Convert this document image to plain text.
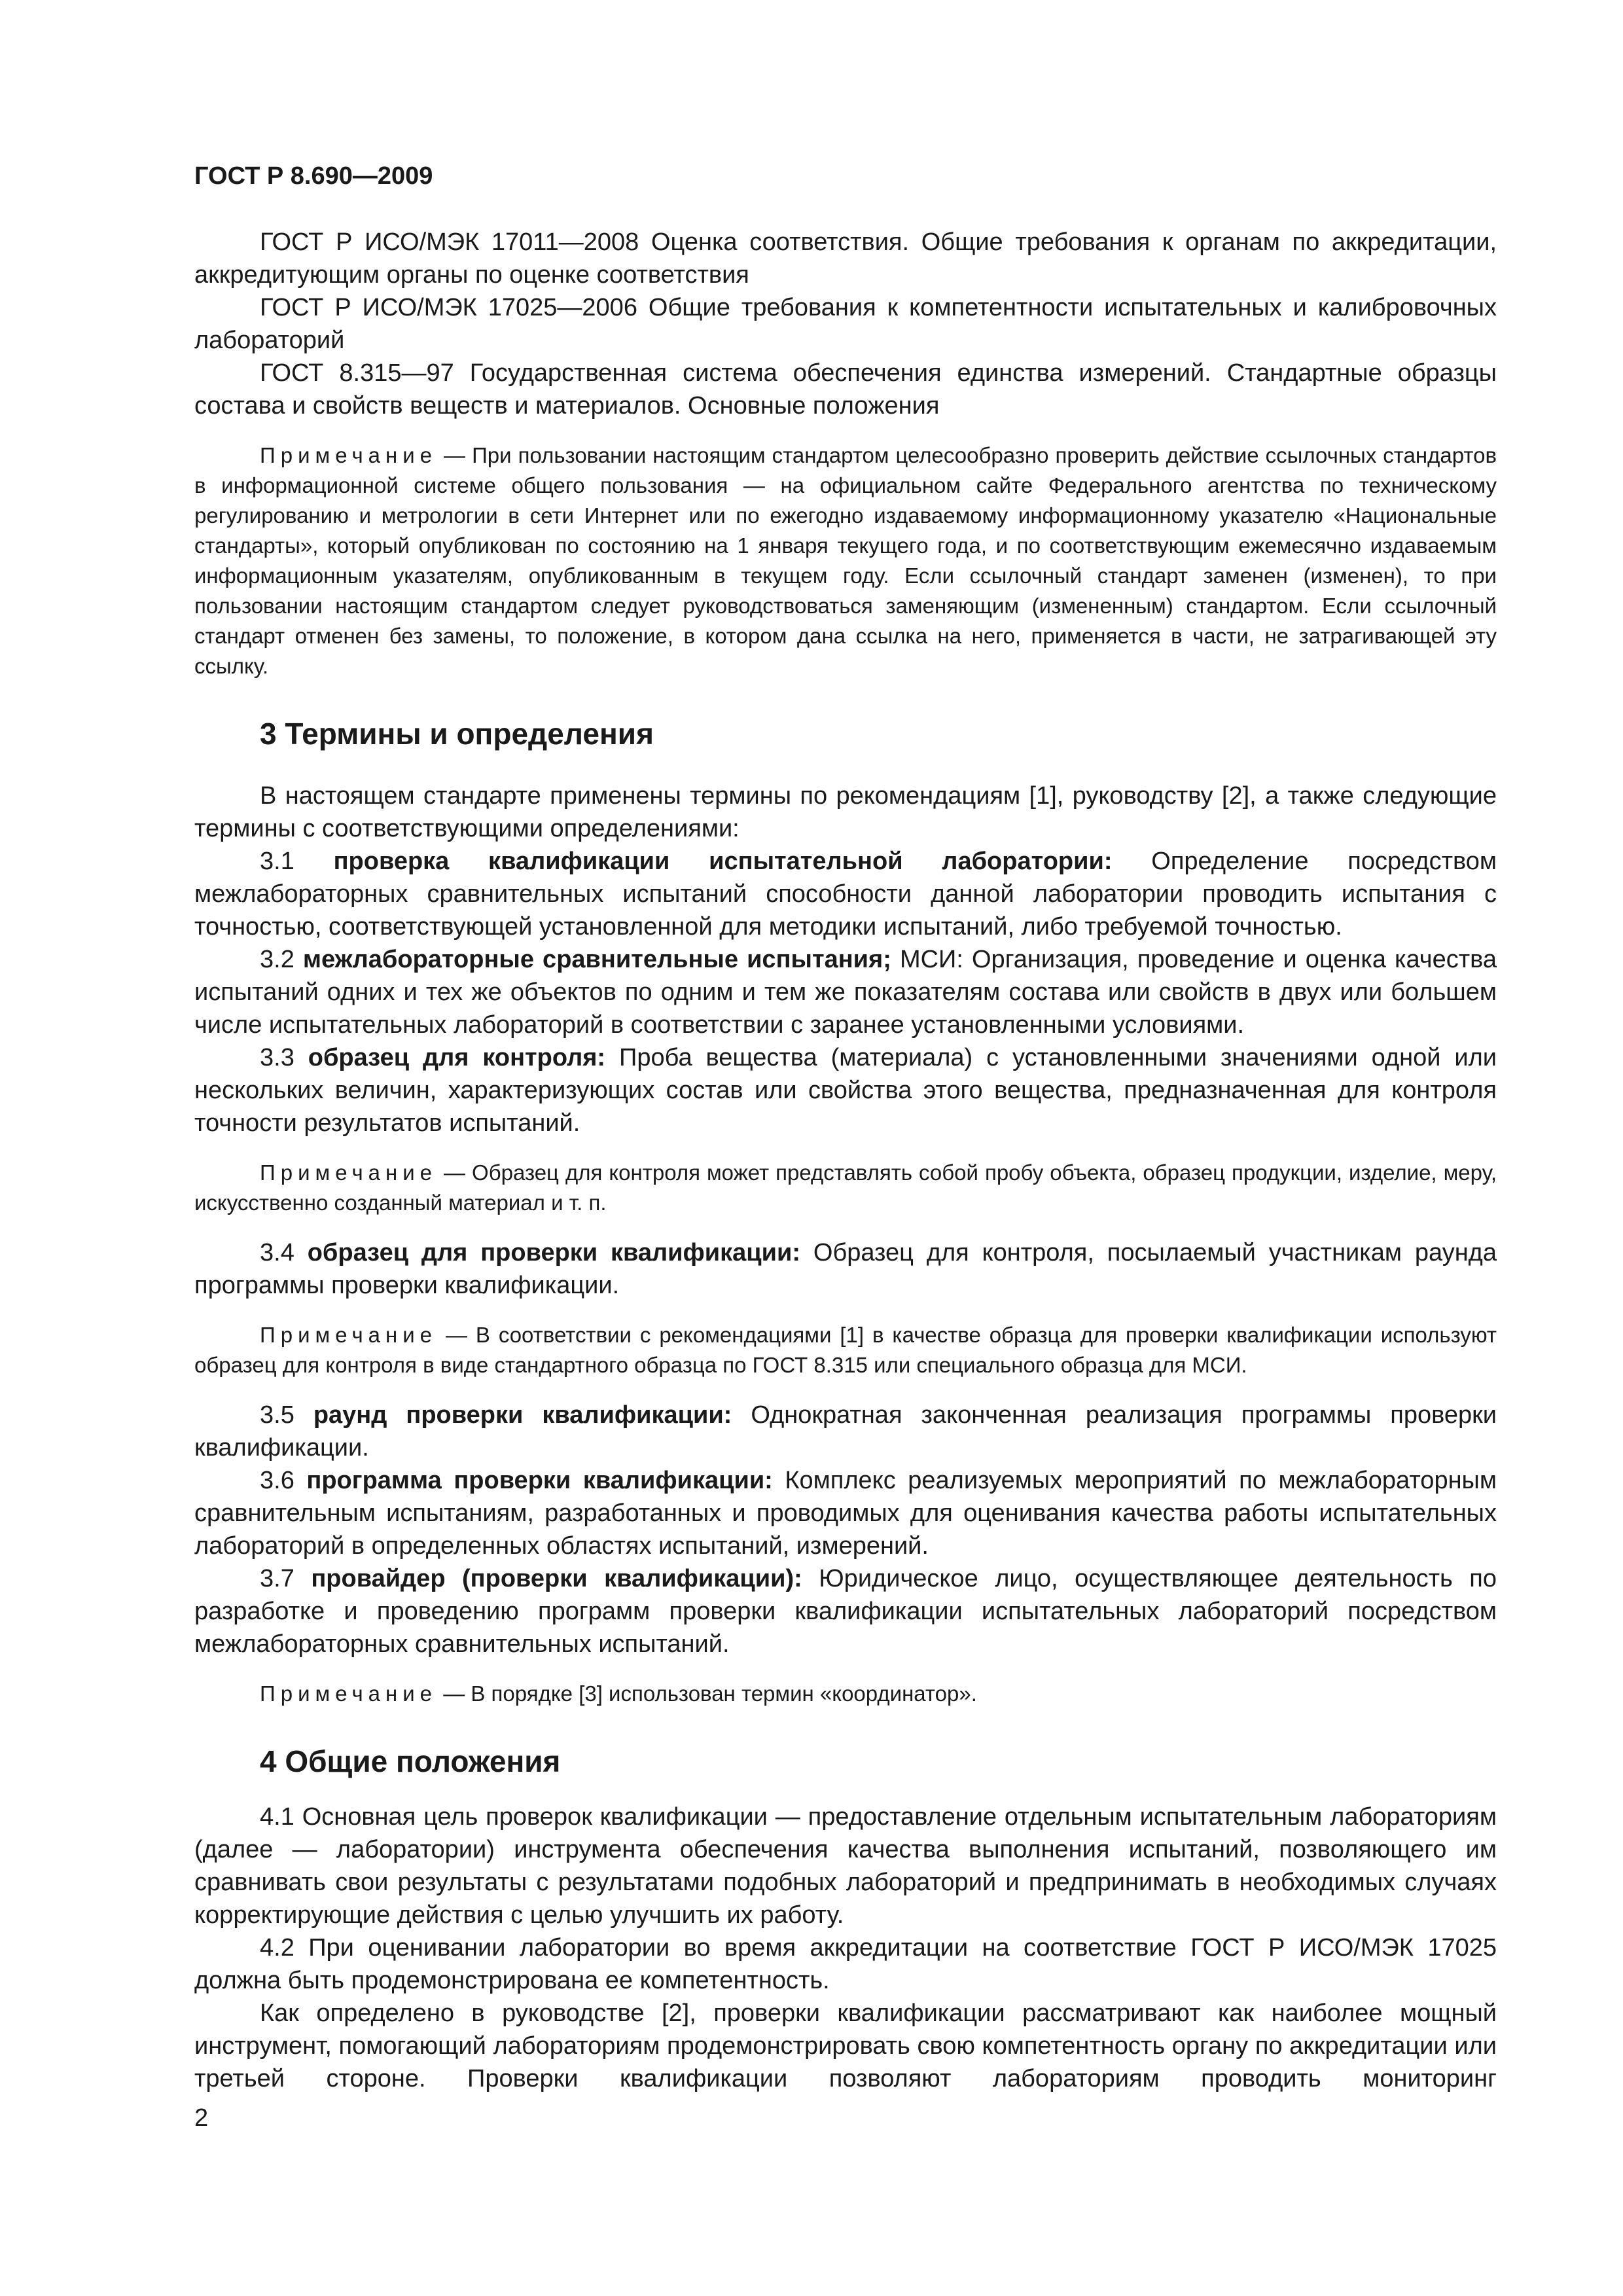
ГОСТ Р 8.690—2009

ГОСТ Р ИСО/МЭК 17011—2008 Оценка соответствия. Общие требования к органам по аккредитации, аккредитующим органы по оценке соответствия

ГОСТ Р ИСО/МЭК 17025—2006 Общие требования к компетентности испытательных и калибровочных лабораторий

ГОСТ 8.315—97 Государственная система обеспечения единства измерений. Стандартные образцы состава и свойств веществ и материалов. Основные положения

Примечание — При пользовании настоящим стандартом целесообразно проверить действие ссылочных стандартов в информационной системе общего пользования — на официальном сайте Федерального агентства по техническому регулированию и метрологии в сети Интернет или по ежегодно издаваемому информационному указателю «Национальные стандарты», который опубликован по состоянию на 1 января текущего года, и по соответствующим ежемесячно издаваемым информационным указателям, опубликованным в текущем году. Если ссылочный стандарт заменен (изменен), то при пользовании настоящим стандартом следует руководствоваться заменяющим (измененным) стандартом. Если ссылочный стандарт отменен без замены, то положение, в котором дана ссылка на него, применяется в части, не затрагивающей эту ссылку.

3 Термины и определения

В настоящем стандарте применены термины по рекомендациям [1], руководству [2], а также следующие термины с соответствующими определениями:

3.1 проверка квалификации испытательной лаборатории: Определение посредством межлабораторных сравнительных испытаний способности данной лаборатории проводить испытания с точностью, соответствующей установленной для методики испытаний, либо требуемой точностью.

3.2 межлабораторные сравнительные испытания; МСИ: Организация, проведение и оценка качества испытаний одних и тех же объектов по одним и тем же показателям состава или свойств в двух или большем числе испытательных лабораторий в соответствии с заранее установленными условиями.

3.3 образец для контроля: Проба вещества (материала) с установленными значениями одной или нескольких величин, характеризующих состав или свойства этого вещества, предназначенная для контроля точности результатов испытаний.

Примечание — Образец для контроля может представлять собой пробу объекта, образец продукции, изделие, меру, искусственно созданный материал и т. п.

3.4 образец для проверки квалификации: Образец для контроля, посылаемый участникам раунда программы проверки квалификации.

Примечание — В соответствии с рекомендациями [1] в качестве образца для проверки квалификации используют образец для контроля в виде стандартного образца по ГОСТ 8.315 или специального образца для МСИ.

3.5 раунд проверки квалификации: Однократная законченная реализация программы проверки квалификации.

3.6 программа проверки квалификации: Комплекс реализуемых мероприятий по межлабораторным сравнительным испытаниям, разработанных и проводимых для оценивания качества работы испытательных лабораторий в определенных областях испытаний, измерений.

3.7 провайдер (проверки квалификации): Юридическое лицо, осуществляющее деятельность по разработке и проведению программ проверки квалификации испытательных лабораторий посредством межлабораторных сравнительных испытаний.

Примечание — В порядке [3] использован термин «координатор».

4 Общие положения

4.1 Основная цель проверок квалификации — предоставление отдельным испытательным лабораториям (далее — лаборатории) инструмента обеспечения качества выполнения испытаний, позволяющего им сравнивать свои результаты с результатами подобных лабораторий и предпринимать в необходимых случаях корректирующие действия с целью улучшить их работу.

4.2 При оценивании лаборатории во время аккредитации на соответствие ГОСТ Р ИСО/МЭК 17025 должна быть продемонстрирована ее компетентность.

Как определено в руководстве [2], проверки квалификации рассматривают как наиболее мощный инструмент, помогающий лабораториям продемонстрировать свою компетентность органу по аккредитации или третьей стороне. Проверки квалификации позволяют лабораториям проводить мониторинг

2
